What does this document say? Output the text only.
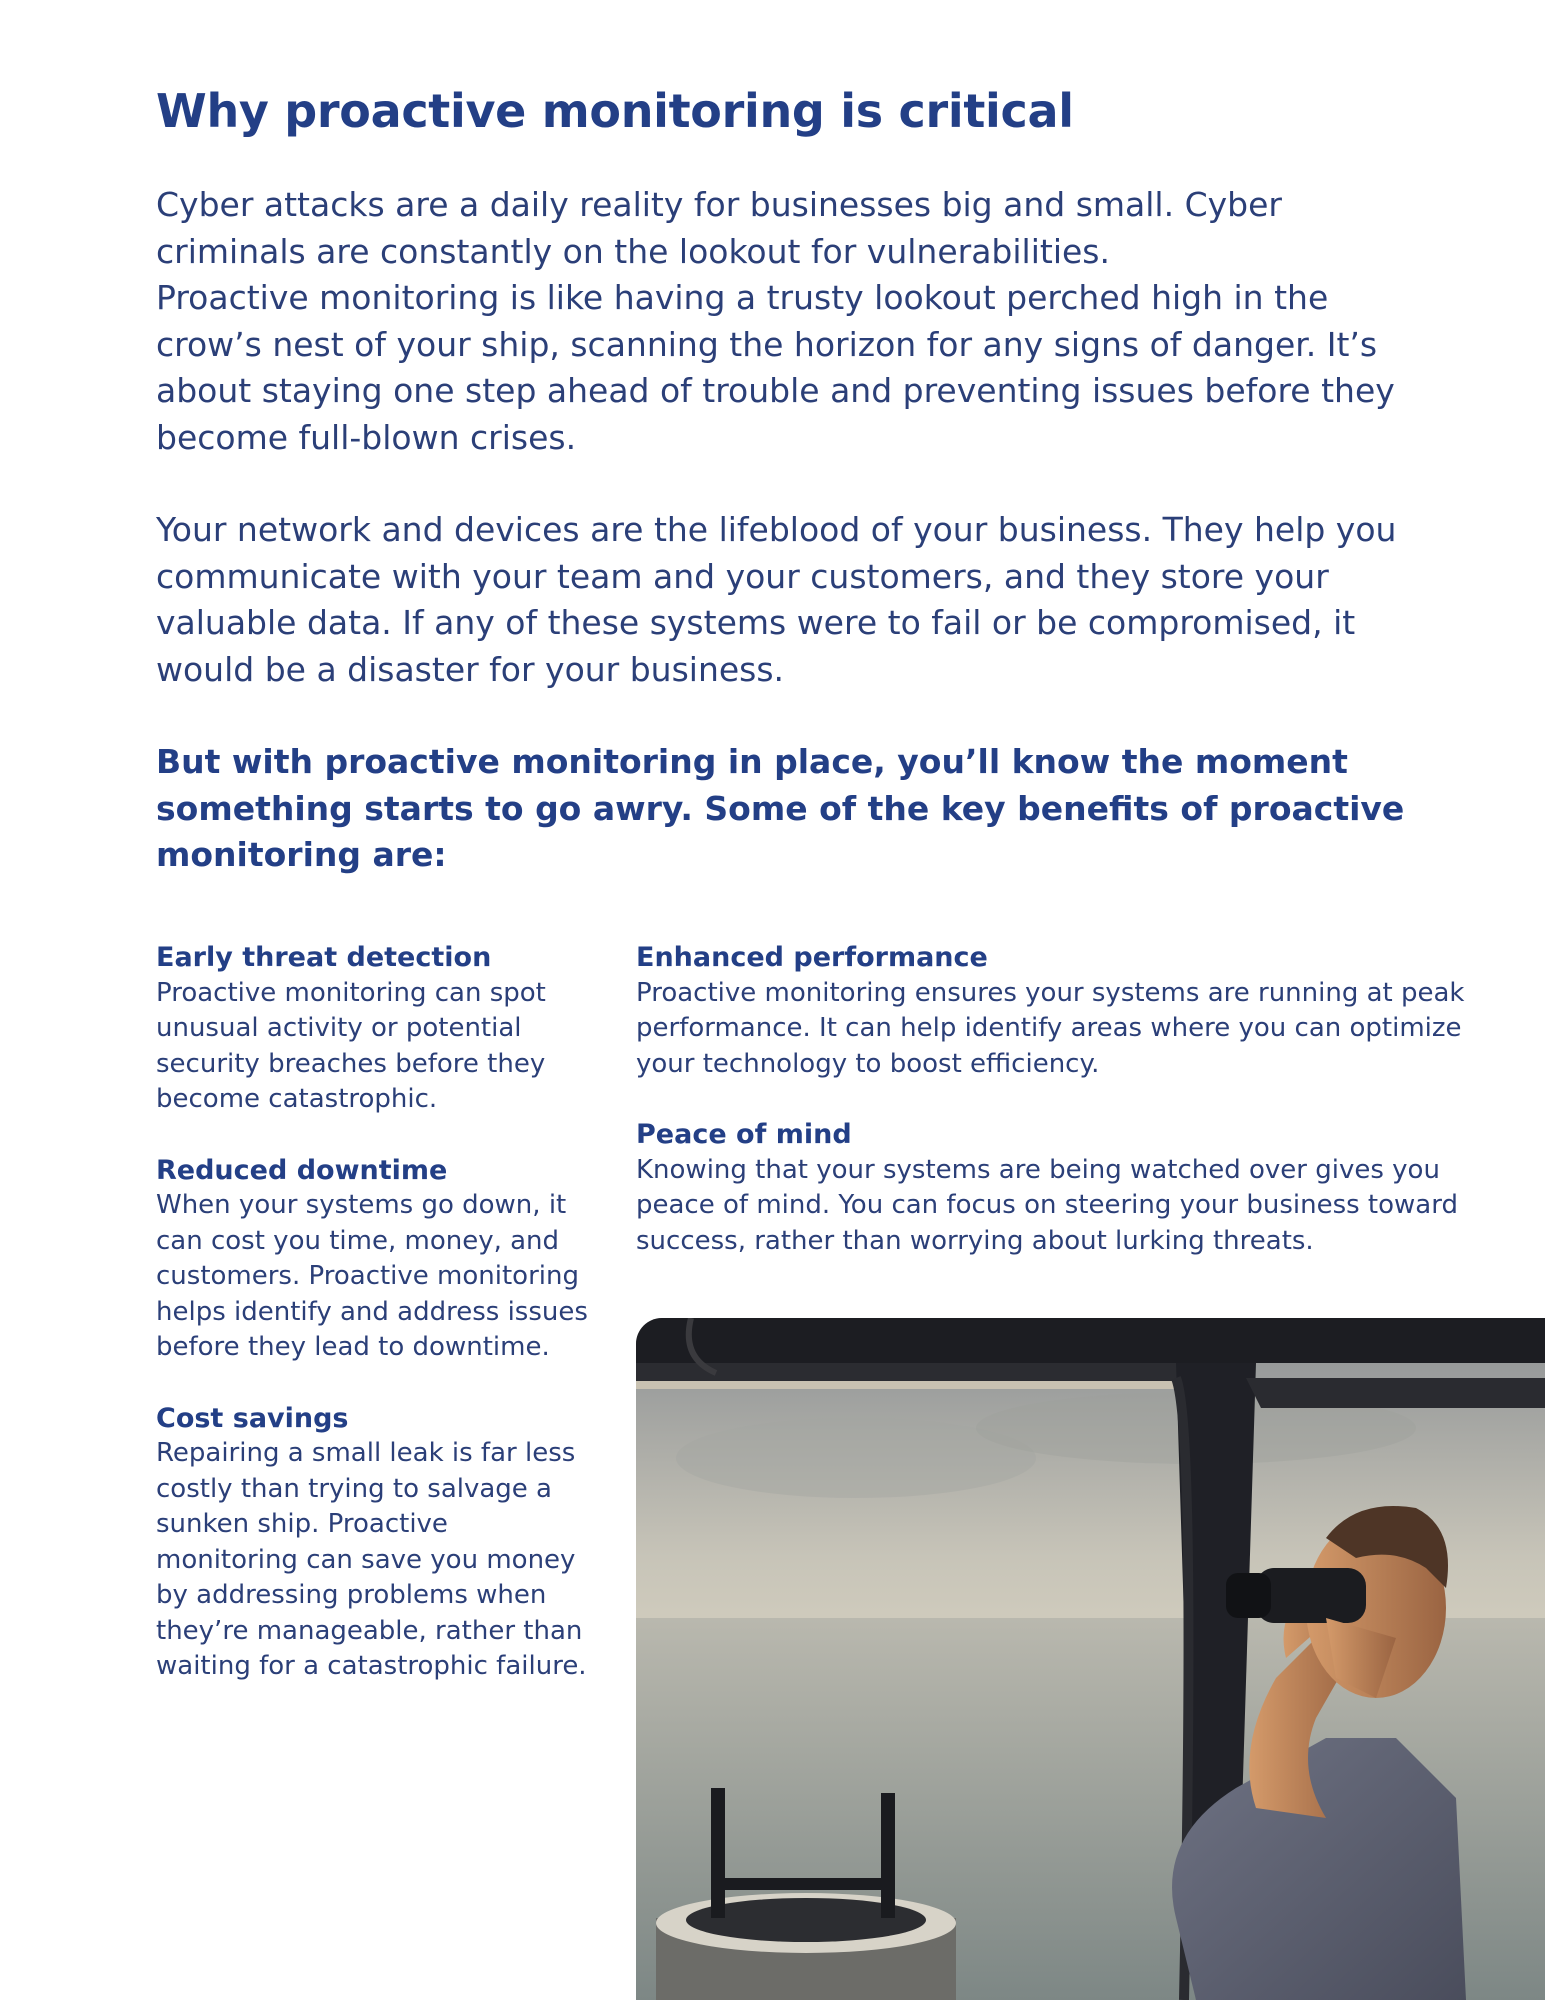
Why proactive monitoring is critical

Cyber attacks are a daily reality for businesses big and small. Cyber criminals are constantly on the lookout for vulnerabilities.

Proactive monitoring is like having a trusty lookout perched high in the crow’s nest of your ship, scanning the horizon for any signs of danger. It’s about staying one step ahead of trouble and preventing issues before they become full-blown crises.

Your network and devices are the lifeblood of your business. They help you communicate with your team and your customers, and they store your valuable data. If any of these systems were to fail or be compromised, it would be a disaster for your business.

But with proactive monitoring in place, you’ll know the moment something starts to go awry. Some of the key benefits of proactive monitoring are:

Early threat detection

Proactive monitoring can spot unusual activity or potential security breaches before they become catastrophic.

Reduced downtime

When your systems go down, it can cost you time, money, and customers. Proactive monitoring helps identify and address issues before they lead to downtime.

Cost savings

Repairing a small leak is far less costly than trying to salvage a sunken ship. Proactive monitoring can save you money by addressing problems when they’re manageable, rather than waiting for a catastrophic failure.

Enhanced performance

Proactive monitoring ensures your systems are running at peak performance. It can help identify areas where you can optimize your technology to boost efficiency.

Peace of mind

Knowing that your systems are being watched over gives you peace of mind. You can focus on steering your business toward success, rather than worrying about lurking threats.
